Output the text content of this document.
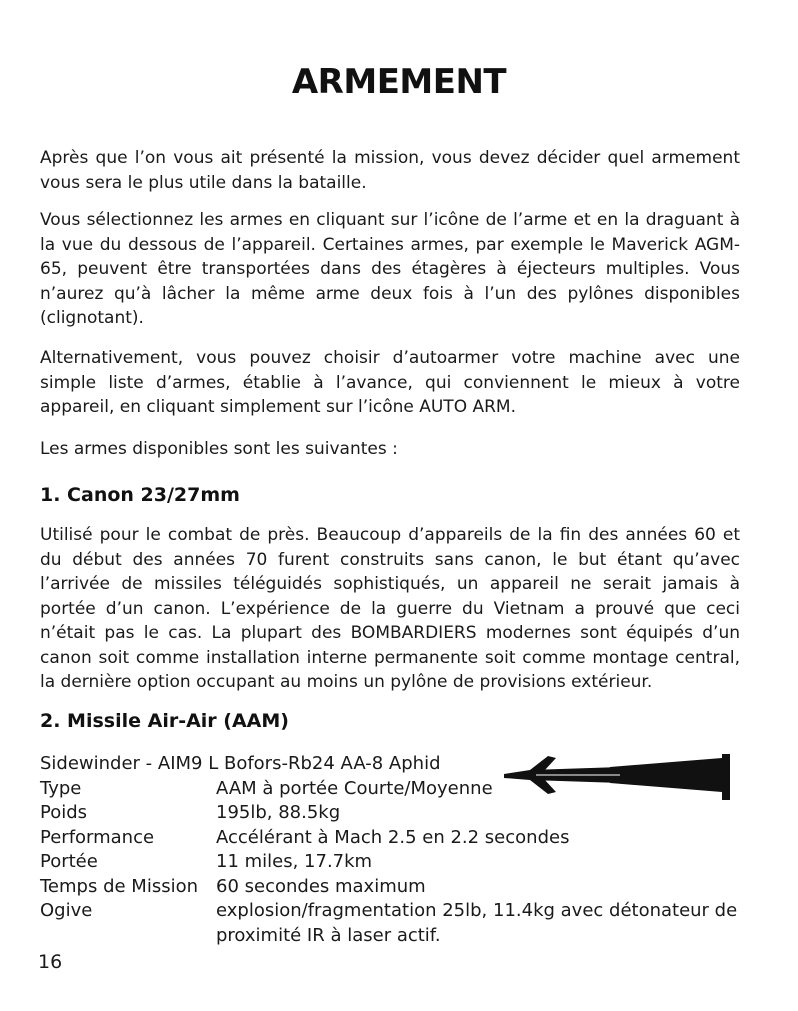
ARMEMENT
Après que l’on vous ait présenté la mission, vous devez décider quel armement vous sera le plus utile dans la bataille.
Vous sélectionnez les armes en cliquant sur l’icône de l’arme et en la draguant à la vue du dessous de l’appareil. Certaines armes, par exemple le Maverick AGM-65, peuvent être transportées dans des étagères à éjecteurs multiples. Vous n’aurez qu’à lâcher la même arme deux fois à l’un des pylônes disponibles (clignotant).
Alternativement, vous pouvez choisir d’autoarmer votre machine avec une simple liste d’armes, établie à l’avance, qui conviennent le mieux à votre appareil, en cliquant simplement sur l’icône AUTO ARM.
Les armes disponibles sont les suivantes :
1. Canon 23/27mm
Utilisé pour le combat de près. Beaucoup d’appareils de la fin des années 60 et du début des années 70 furent construits sans canon, le but étant qu’avec l’arrivée de missiles téléguidés sophistiqués, un appareil ne serait jamais à portée d’un canon. L’expérience de la guerre du Vietnam a prouvé que ceci n’était pas le cas. La plupart des BOMBARDIERS modernes sont équipés d’un canon soit comme installation interne permanente soit comme montage central, la dernière option occupant au moins un pylône de provisions extérieur.
2. Missile Air-Air (AAM)
Sidewinder - AIM9 L Bofors-Rb24 AA-8 Aphid
Type	AAM à portée Courte/Moyenne
Poids	195lb, 88.5kg
Performance	Accélérant à Mach 2.5 en 2.2 secondes
Portée	11 miles, 17.7km
Temps de Mission 60 secondes maximum
Ogive	explosion/fragmentation 25lb, 11.4kg avec détonateur de proximité IR à laser actif.
16
